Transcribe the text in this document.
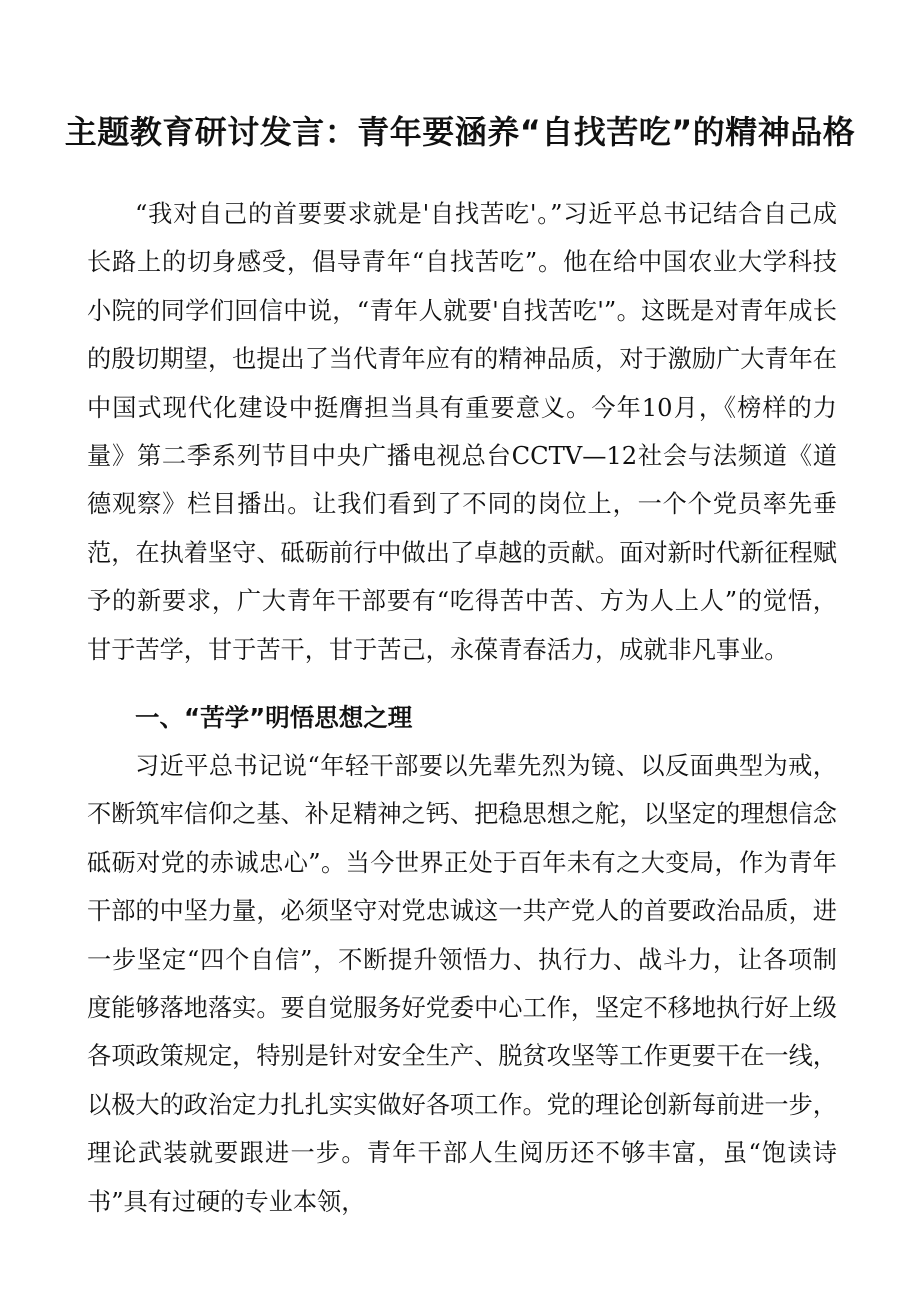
主题教育研讨发言：青年要涵养“自找苦吃”的精神品格

“我对自己的首要要求就是'自找苦吃'。”习近平总书记结合自己成长路上的切身感受，倡导青年“自找苦吃”。他在给中国农业大学科技小院的同学们回信中说，“青年人就要'自找苦吃'”。这既是对青年成长的殷切期望，也提出了当代青年应有的精神品质，对于激励广大青年在中国式现代化建设中挺膺担当具有重要意义。今年10月，《榜样的力量》第二季系列节目中央广播电视总台CCTV—12社会与法频道《道德观察》栏目播出。让我们看到了不同的岗位上，一个个党员率先垂范，在执着坚守、砥砺前行中做出了卓越的贡献。面对新时代新征程赋予的新要求，广大青年干部要有“吃得苦中苦、方为人上人”的觉悟，甘于苦学，甘于苦干，甘于苦己，永葆青春活力，成就非凡事业。

一、“苦学”明悟思想之理

习近平总书记说“年轻干部要以先辈先烈为镜、以反面典型为戒，不断筑牢信仰之基、补足精神之钙、把稳思想之舵，以坚定的理想信念砥砺对党的赤诚忠心”。当今世界正处于百年未有之大变局，作为青年干部的中坚力量，必须坚守对党忠诚这一共产党人的首要政治品质，进一步坚定“四个自信”，不断提升领悟力、执行力、战斗力，让各项制度能够落地落实。要自觉服务好党委中心工作，坚定不移地执行好上级各项政策规定，特别是针对安全生产、脱贫攻坚等工作更要干在一线，以极大的政治定力扎扎实实做好各项工作。党的理论创新每前进一步，理论武装就要跟进一步。青年干部人生阅历还不够丰富，虽“饱读诗书”具有过硬的专业本领，
